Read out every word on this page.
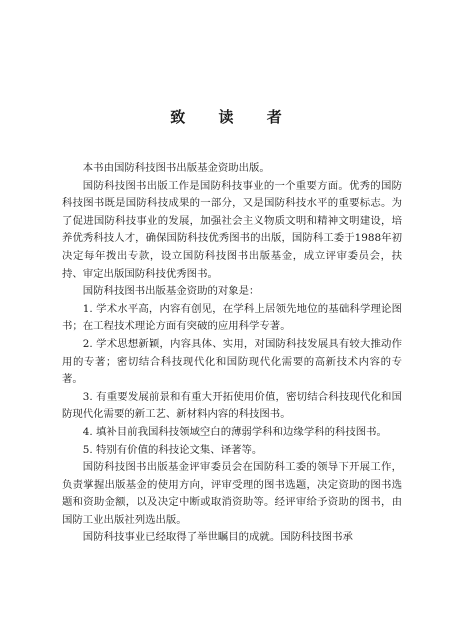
致 读 者

本书由国防科技图书出版基金资助出版。

国防科技图书出版工作是国防科技事业的一个重要方面。优秀的国防科技图书既是国防科技成果的一部分，又是国防科技水平的重要标志。为了促进国防科技事业的发展，加强社会主义物质文明和精神文明建设，培养优秀科技人才，确保国防科技优秀图书的出版，国防科工委于1988年初决定每年拨出专款，设立国防科技图书出版基金，成立评审委员会，扶持、审定出版国防科技优秀图书。

国防科技图书出版基金资助的对象是：

1. 学术水平高，内容有创见，在学科上居领先地位的基础科学理论图书；在工程技术理论方面有突破的应用科学专著。

2. 学术思想新颖，内容具体、实用，对国防科技发展具有较大推动作用的专著；密切结合科技现代化和国防现代化需要的高新技术内容的专著。

3. 有重要发展前景和有重大开拓使用价值，密切结合科技现代化和国防现代化需要的新工艺、新材料内容的科技图书。

4. 填补目前我国科技领域空白的薄弱学科和边缘学科的科技图书。

5. 特别有价值的科技论文集、译著等。

国防科技图书出版基金评审委员会在国防科工委的领导下开展工作，负责掌握出版基金的使用方向，评审受理的图书选题，决定资助的图书选题和资助金额，以及决定中断或取消资助等。经评审给予资助的图书，由国防工业出版社列选出版。

国防科技事业已经取得了举世瞩目的成就。国防科技图书承
